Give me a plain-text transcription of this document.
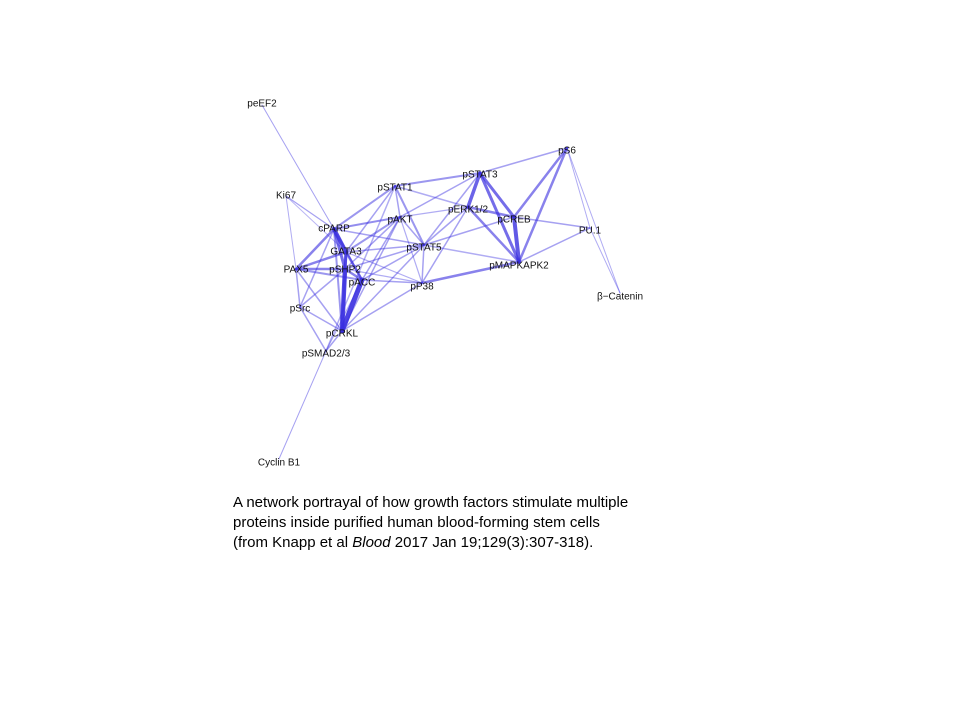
peEF2
Ki67
cPARP
GATA3
PAX5 pSHP2
pACC
pSrc
pCRKL
pSMAD2/3
Cyclin B1
pSTAT1
pAKT
pSTAT5
pP38
pSTAT3
pERK1/2
pCREB
pMAPKAPK2
pS6
PU.1
β−Catenin
A network portrayal of how growth factors stimulate multiple
proteins inside purified human blood-forming stem cells
(from Knapp et al Blood 2017 Jan 19;129(3):307-318).
